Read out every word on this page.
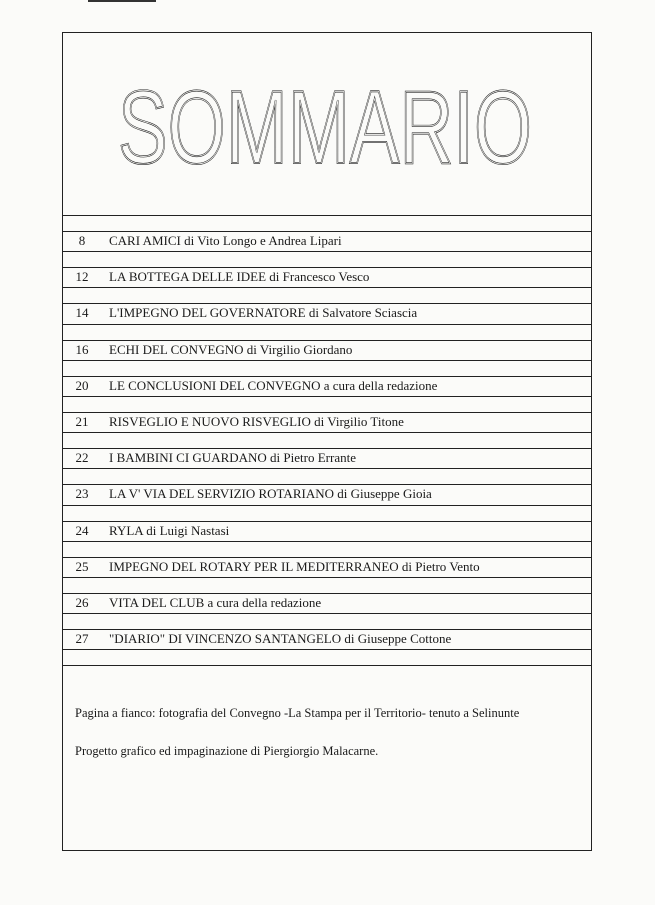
SOMMARIO
SOMMARIO
8	CARI AMICI di Vito Longo e Andrea Lipari
12	LA BOTTEGA DELLE IDEE di Francesco Vesco
14	L'IMPEGNO DEL GOVERNATORE di Salvatore Sciascia
16	ECHI DEL CONVEGNO di Virgilio Giordano
20	LE CONCLUSIONI DEL CONVEGNO a cura della redazione
21	RISVEGLIO E NUOVO RISVEGLIO di Virgilio Titone
22	I BAMBINI CI GUARDANO di Pietro Errante
23	LA V' VIA DEL SERVIZIO ROTARIANO di Giuseppe Gioia
24	RYLA di Luigi Nastasi
25	IMPEGNO DEL ROTARY PER IL MEDITERRANEO di Pietro Vento
26	VITA DEL CLUB a cura della redazione
27	"DIARIO" DI VINCENZO SANTANGELO di Giuseppe Cottone
Pagina a fianco: fotografia del Convegno -La Stampa per il Territorio- tenuto a Selinunte
Progetto grafico ed impaginazione di Piergiorgio Malacarne.
